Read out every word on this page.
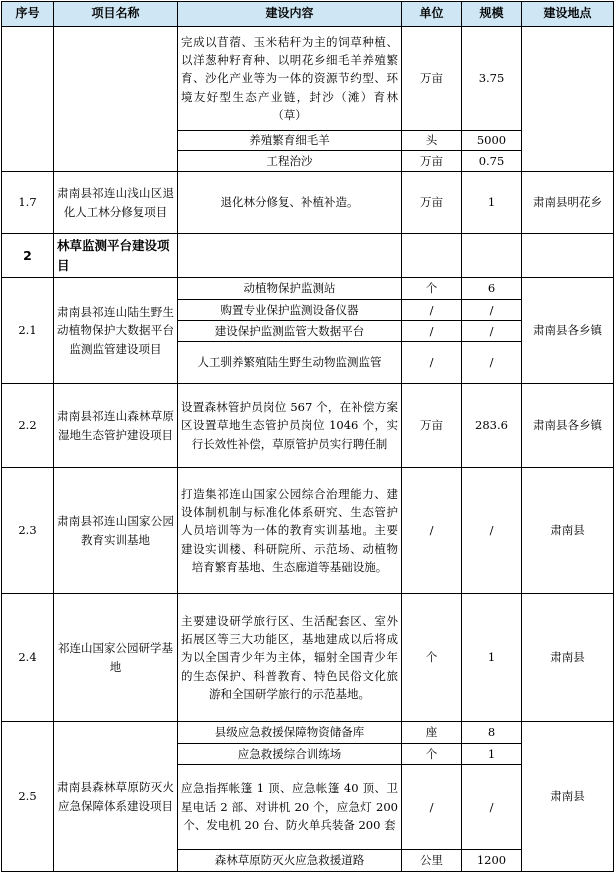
序号	项目名称	建设内容	单位	规模	建设地点
		完成以苜蓿、玉米秸秆为主的饲草种植、以洋葱种籽育种、以明花乡细毛羊养殖繁育、沙化产业等为一体的资源节约型、环境友好型生态产业链，封沙（滩）育林（草）	万亩	3.75	
		养殖繁育细毛羊	头	5000	
		工程治沙	万亩	0.75	
1.7	肃南县祁连山浅山区退化人工林分修复项目	退化林分修复、补植补造。	万亩	1	肃南县明花乡
2	林草监测平台建设项目				
2.1	肃南县祁连山陆生野生动植物保护大数据平台监测监管建设项目	动植物保护监测站	个	6	肃南县各乡镇
		购置专业保护监测设备仪器	/	/	
		建设保护监测监管大数据平台	/	/	
		人工驯养繁殖陆生野生动物监测监管	/	/	
2.2	肃南县祁连山森林草原湿地生态管护建设项目	设置森林管护员岗位 567 个，在补偿方案区设置草地生态管护员岗位 1046 个，实行长效性补偿，草原管护员实行聘任制	万亩	283.6	肃南县各乡镇
2.3	肃南县祁连山国家公园教育实训基地	打造集祁连山国家公园综合治理能力、建设体制机制与标准化体系研究、生态管护人员培训等为一体的教育实训基地。主要建设实训楼、科研院所、示范场、动植物培育繁育基地、生态廊道等基础设施。	/	/	肃南县
2.4	祁连山国家公园研学基地	主要建设研学旅行区、生活配套区、室外拓展区等三大功能区，基地建成以后将成为以全国青少年为主体，辐射全国青少年的生态保护、科普教育、特色民俗文化旅游和全国研学旅行的示范基地。	个	1	肃南县
2.5	肃南县森林草原防灭火应急保障体系建设项目	县级应急救援保障物资储备库	座	8	肃南县
		应急救援综合训练场	个	1	
		应急指挥帐篷 1 顶、应急帐篷 40 顶、卫星电话 2 部、对讲机 20 个，应急灯 200 个、发电机 20 台、防火单兵装备 200 套	/	/	
		森林草原防灭火应急救援道路	公里	1200	
